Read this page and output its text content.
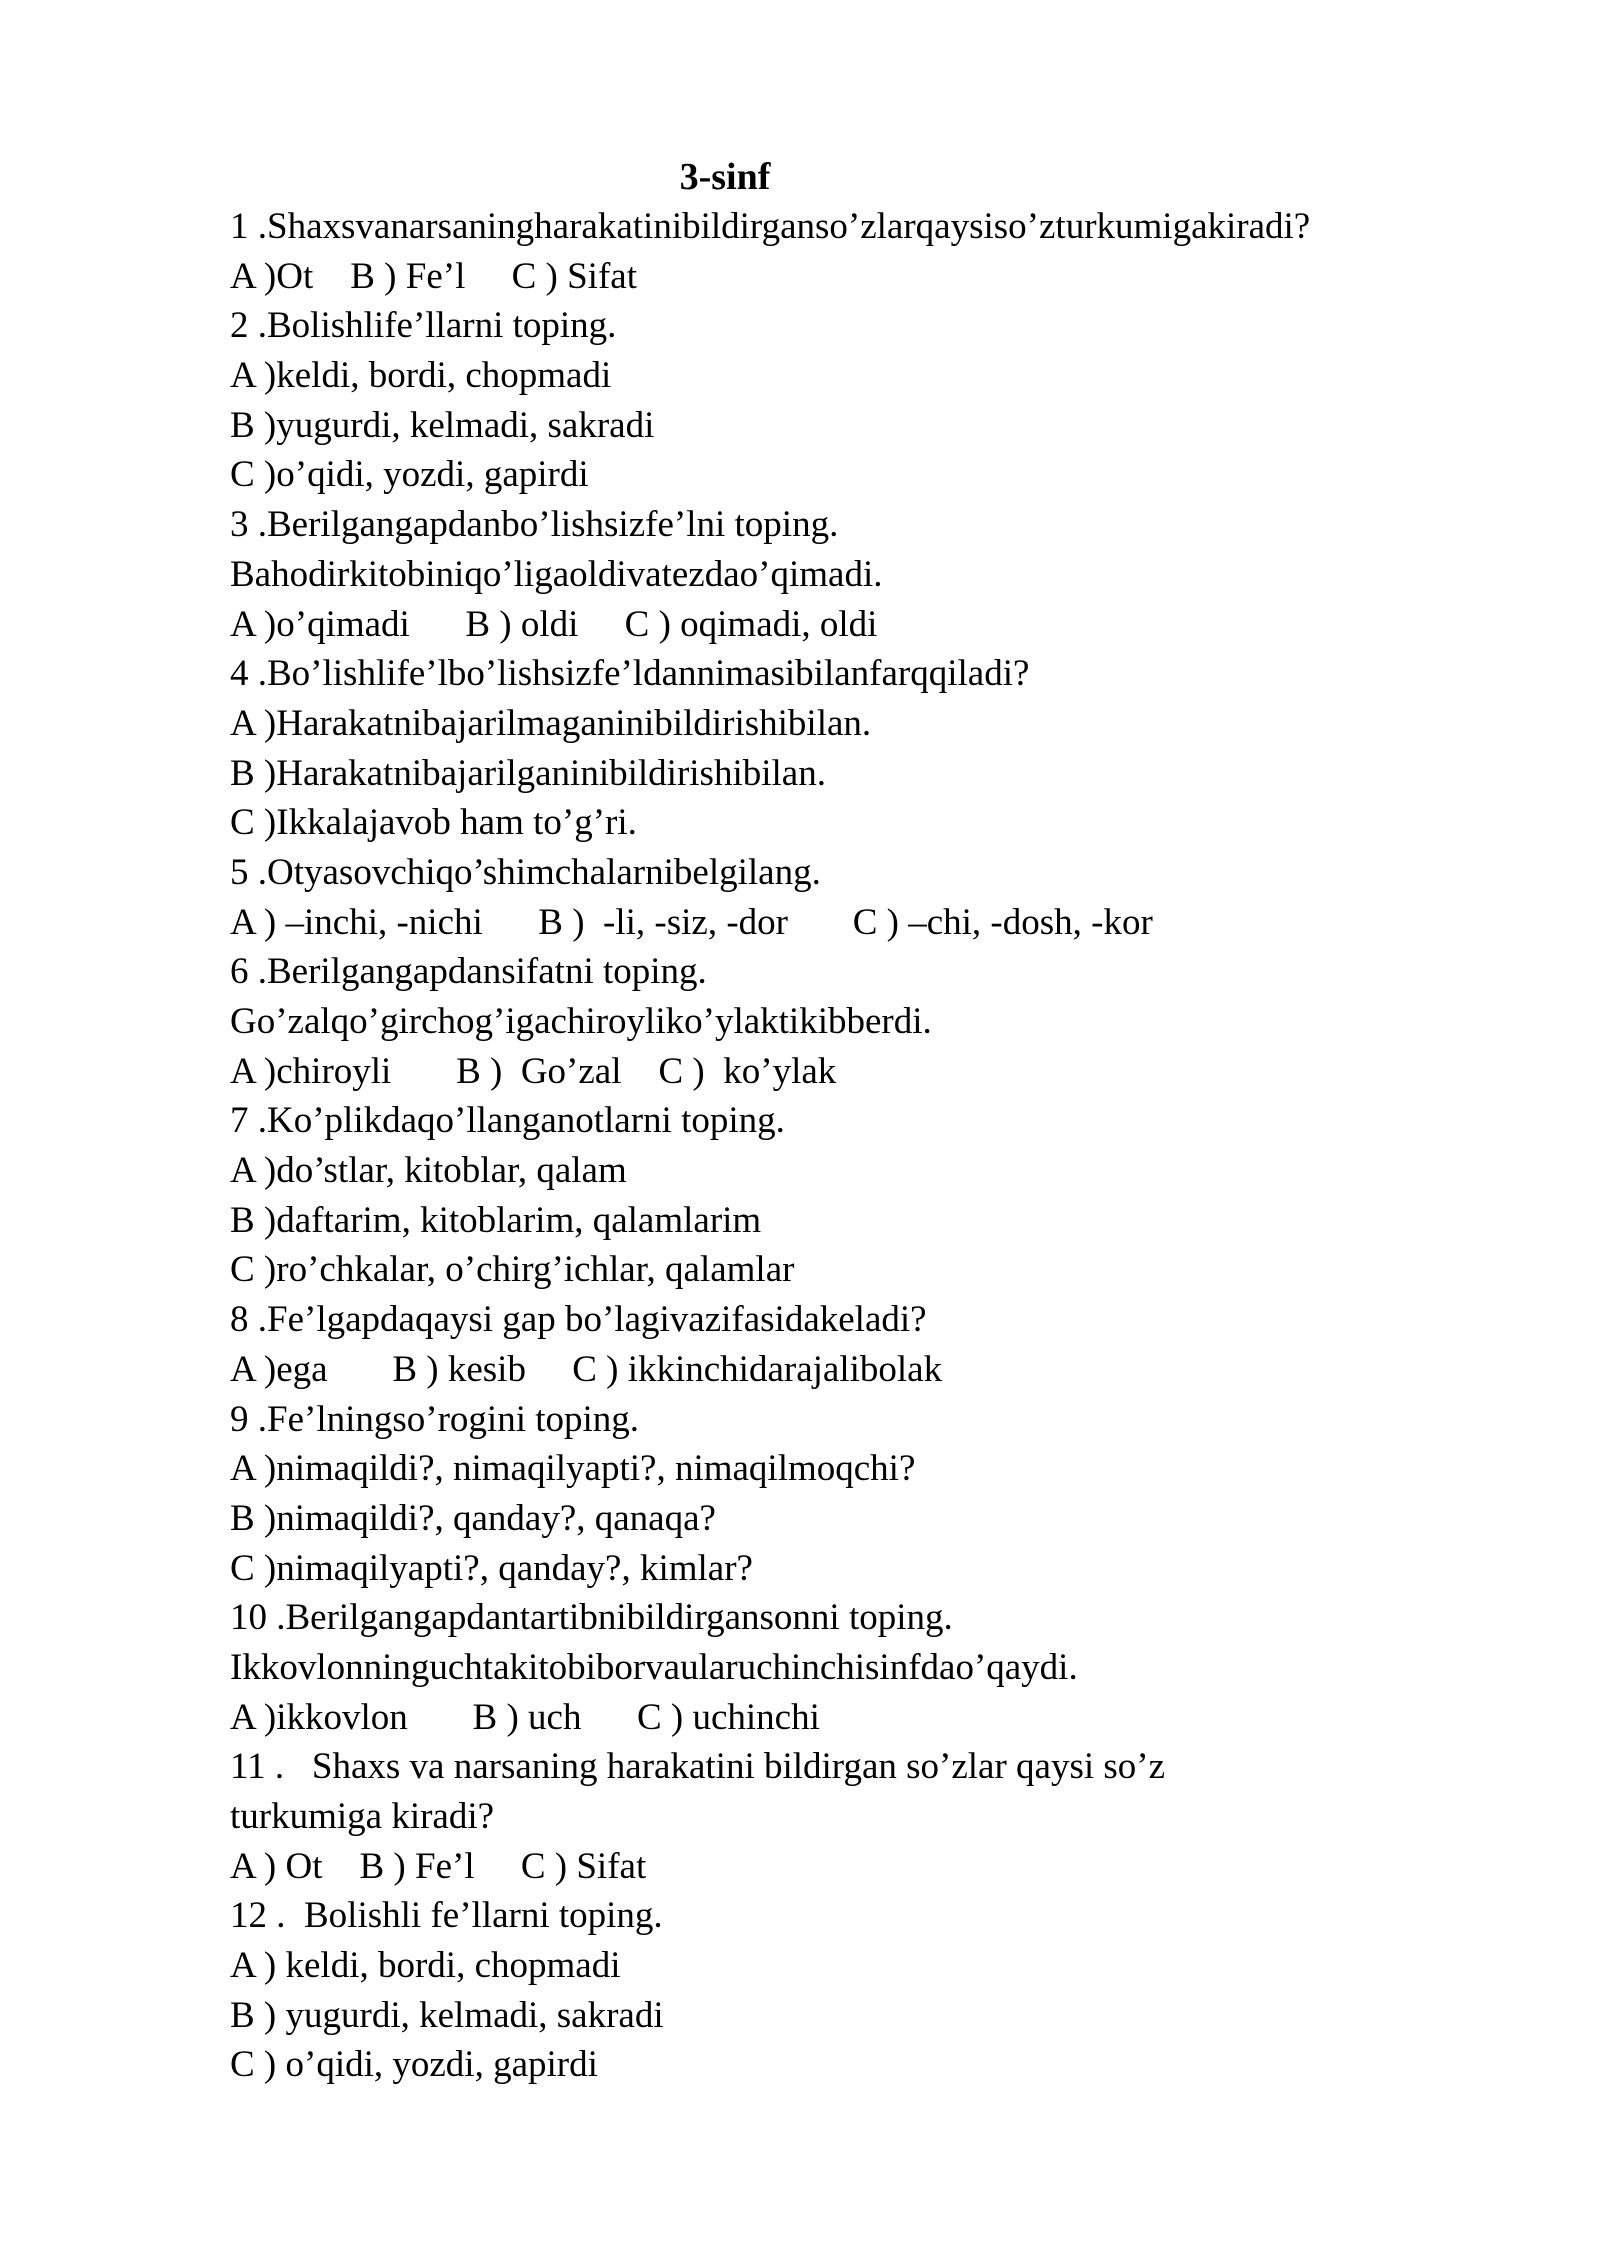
3-sinf
1 .Shaxsvanarsaningharakatinibildirganso’zlarqaysiso’zturkumigakiradi?
A )Ot    B ) Fe’l     C ) Sifat
2 .Bolishlife’llarni toping.
A )keldi, bordi, chopmadi
B )yugurdi, kelmadi, sakradi
C )o’qidi, yozdi, gapirdi
3 .Berilgangapdanbo’lishsizfe’lni toping.
Bahodirkitobiniqo’ligaoldivatezdao’qimadi.
A )o’qimadi      B ) oldi     C ) oqimadi, oldi
4 .Bo’lishlife’lbo’lishsizfe’ldannimasibilanfarqqiladi?
A )Harakatnibajarilmaganinibildirishibilan.
B )Harakatnibajarilganinibildirishibilan.
C )Ikkalajavob ham to’g’ri.
5 .Otyasovchiqo’shimchalarnibelgilang.
A ) –inchi, -nichi      B )  -li, -siz, -dor       C ) –chi, -dosh, -kor
6 .Berilgangapdansifatni toping.
Go’zalqo’girchog’igachiroyliko’ylaktikibberdi.
A )chiroyli       B )  Go’zal    C )  ko’ylak
7 .Ko’plikdaqo’llanganotlarni toping.
A )do’stlar, kitoblar, qalam
B )daftarim, kitoblarim, qalamlarim
C )ro’chkalar, o’chirg’ichlar, qalamlar
8 .Fe’lgapdaqaysi gap bo’lagivazifasidakeladi?
A )ega       B ) kesib     C ) ikkinchidarajalibolak
9 .Fe’lningso’rogini toping.
A )nimaqildi?, nimaqilyapti?, nimaqilmoqchi?
B )nimaqildi?, qanday?, qanaqa?
C )nimaqilyapti?, qanday?, kimlar?
10 .Berilgangapdantartibnibildirgansonni toping.
Ikkovlonninguchtakitobiborvaularuchinchisinfdao’qaydi.
A )ikkovlon       B ) uch      C ) uchinchi
11 .   Shaxs va narsaning harakatini bildirgan so’zlar qaysi so’z
turkumiga kiradi?
A ) Ot    B ) Fe’l     C ) Sifat
12 .  Bolishli fe’llarni toping.
A ) keldi, bordi, chopmadi
B ) yugurdi, kelmadi, sakradi
C ) o’qidi, yozdi, gapirdi
